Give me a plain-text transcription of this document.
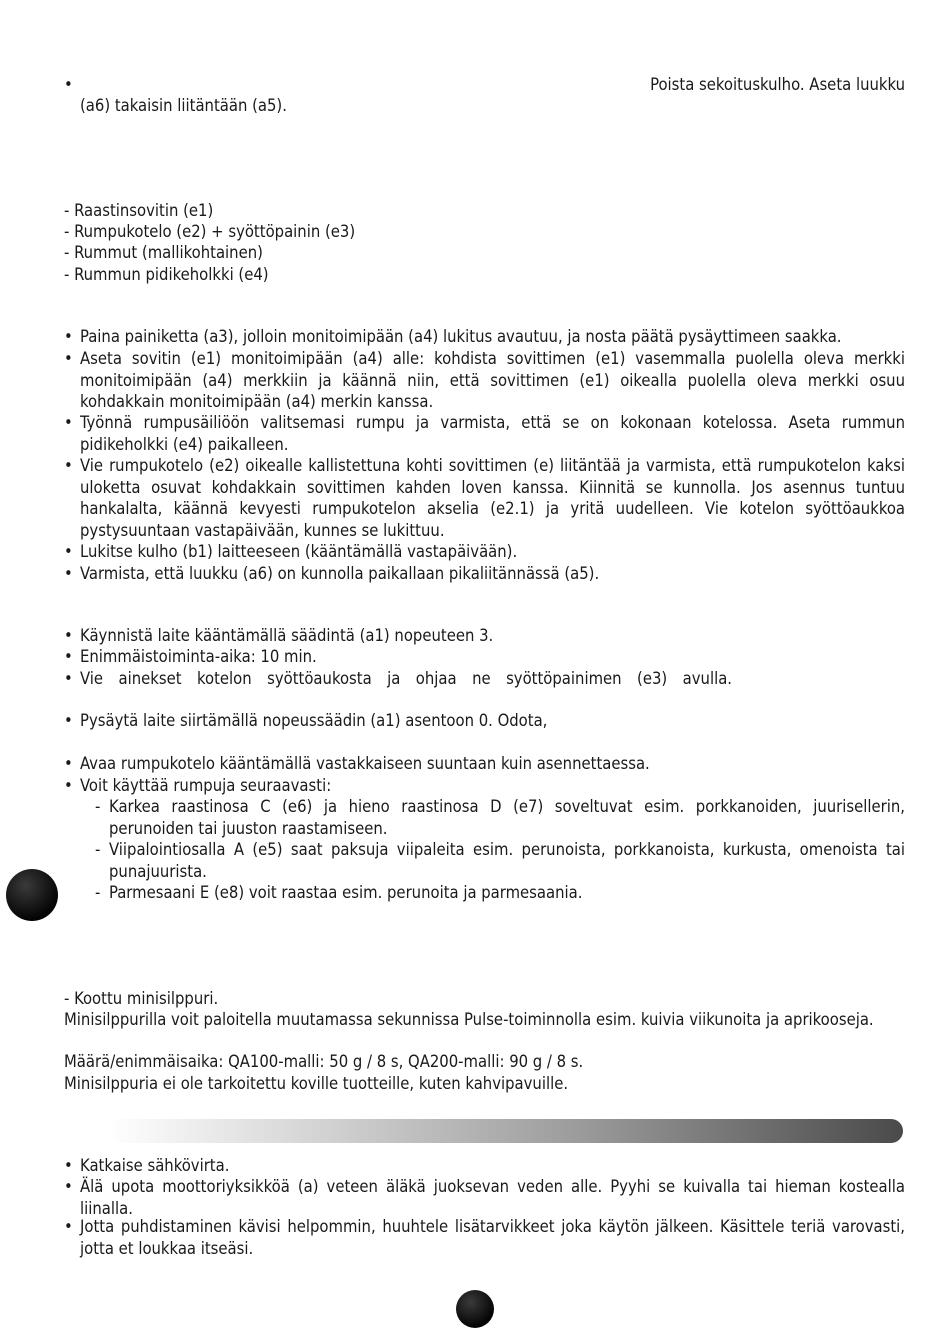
•	Poista sekoituskulho. Aseta luukku
(a6) takaisin liitäntään (a5).
- Raastinsovitin (e1)
- Rumpukotelo (e2) + syöttöpainin (e3)
- Rummut (mallikohtainen)
- Rummun pidikeholkki (e4)
• Paina painiketta (a3), jolloin monitoimipään (a4) lukitus avautuu, ja nosta päätä pysäyttimeen saakka.
• Aseta sovitin (e1) monitoimipään (a4) alle: kohdista sovittimen (e1) vasemmalla puolella oleva merkki monitoimipään (a4) merkkiin ja käännä niin, että sovittimen (e1) oikealla puolella oleva merkki osuu kohdakkain monitoimipään (a4) merkin kanssa.
• Työnnä rumpusäiliöön valitsemasi rumpu ja varmista, että se on kokonaan kotelossa. Aseta rummun pidikeholkki (e4) paikalleen.
• Vie rumpukotelo (e2) oikealle kallistettuna kohti sovittimen (e) liitäntää ja varmista, että rumpukotelon kaksi uloketta osuvat kohdakkain sovittimen kahden loven kanssa. Kiinnitä se kunnolla. Jos asennus tuntuu hankalalta, käännä kevyesti rumpukotelon akselia (e2.1) ja yritä uudelleen. Vie kotelon syöttöaukkoa pystysuuntaan vastapäivään, kunnes se lukittuu.
• Lukitse kulho (b1) laitteeseen (kääntämällä vastapäivään).
• Varmista, että luukku (a6) on kunnolla paikallaan pikaliitännässä (a5).
• Käynnistä laite kääntämällä säädintä (a1) nopeuteen 3.
• Enimmäistoiminta-aika: 10 min.
• Vie ainekset kotelon syöttöaukosta ja ohjaa ne syöttöpainimen (e3) avulla.
• Pysäytä laite siirtämällä nopeussäädin (a1) asentoon 0. Odota,
• Avaa rumpukotelo kääntämällä vastakkaiseen suuntaan kuin asennettaessa.
• Voit käyttää rumpuja seuraavasti:
- Karkea raastinosa C (e6) ja hieno raastinosa D (e7) soveltuvat esim. porkkanoiden, juurisellerin, perunoiden tai juuston raastamiseen.
- Viipalointiosalla A (e5) saat paksuja viipaleita esim. perunoista, porkkanoista, kurkusta, omenoista tai punajuurista.
- Parmesaani E (e8) voit raastaa esim. perunoita ja parmesaania.
- Koottu minisilppuri.
Minisilppurilla voit paloitella muutamassa sekunnissa Pulse-toiminnolla esim. kuivia viikunoita ja aprikooseja.
Määrä/enimmäisaika: QA100-malli: 50 g / 8 s, QA200-malli: 90 g / 8 s.
Minisilppuria ei ole tarkoitettu koville tuotteille, kuten kahvipavuille.
• Katkaise sähkövirta.
• Älä upota moottoriyksikköä (a) veteen äläkä juoksevan veden alle. Pyyhi se kuivalla tai hieman kostealla liinalla.
• Jotta puhdistaminen kävisi helpommin, huuhtele lisätarvikkeet joka käytön jälkeen. Käsittele teriä varovasti, jotta et loukkaa itseäsi.
